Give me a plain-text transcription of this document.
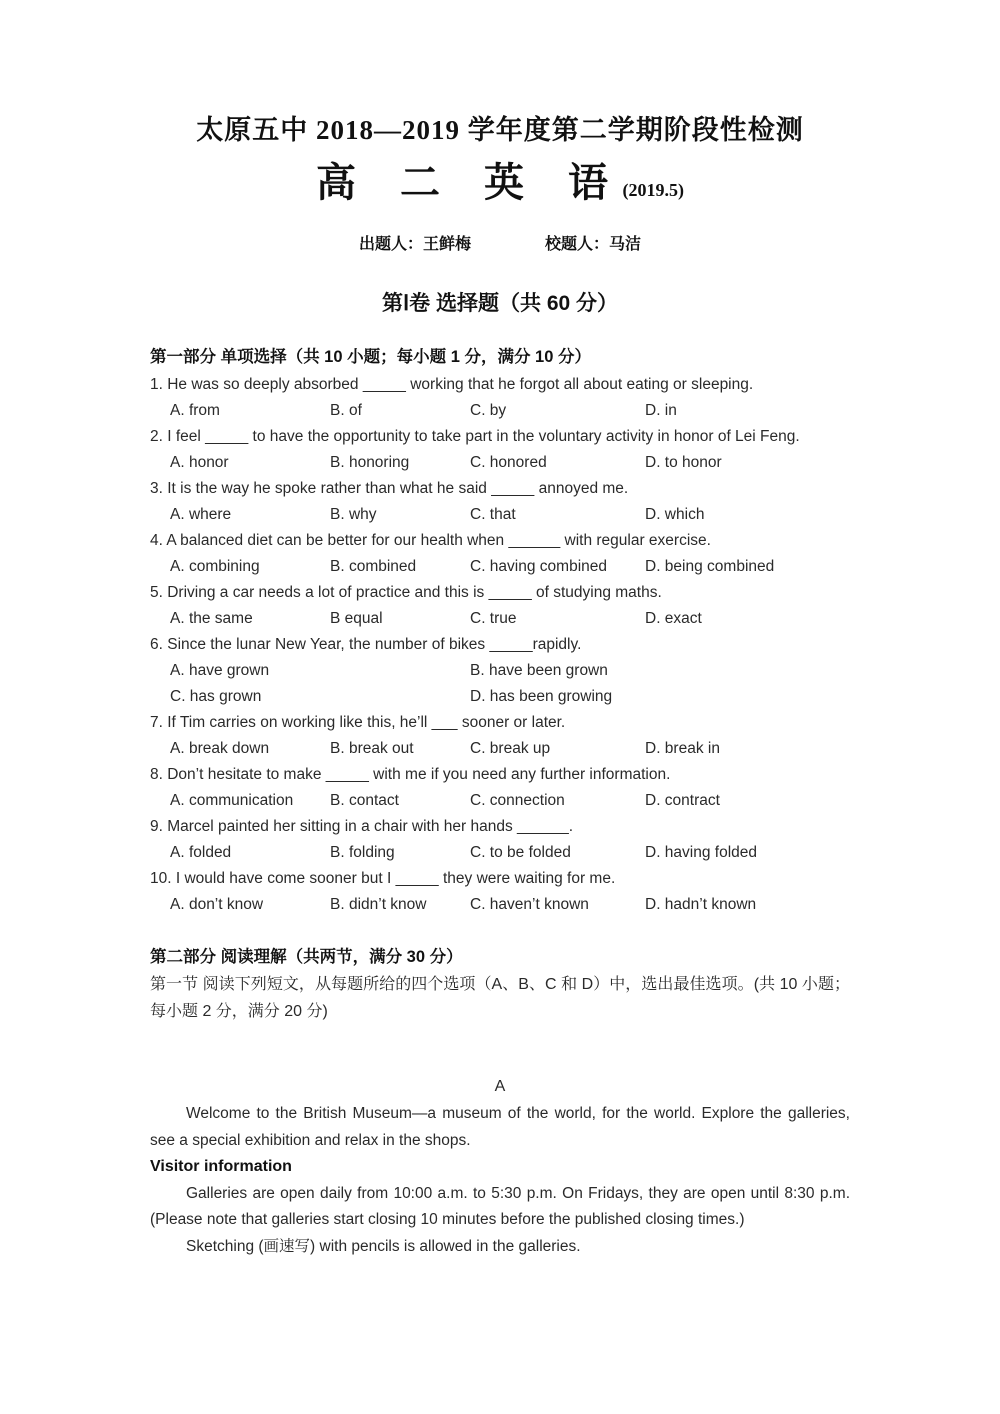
太原五中 2018—2019 学年度第二学期阶段性检测
高　二　英　语 (2019.5)
出题人：王鲜梅	校题人：马洁
第Ⅰ卷 选择题（共 60 分）
第一部分 单项选择（共 10 小题；每小题 1 分，满分 10 分）
1. He was so deeply absorbed _____ working that he forgot all about eating or sleeping.
A. from	B. of	C. by	D. in
2. I feel _____ to have the opportunity to take part in the voluntary activity in honor of Lei Feng.
A. honor	B. honoring	C. honored	D. to honor
3. It is the way he spoke rather than what he said _____ annoyed me.
A. where	B. why	C. that	D. which
4. A balanced diet can be better for our health when ______ with regular exercise.
A. combining	B. combined	C. having combined	D. being combined
5. Driving a car needs a lot of practice and this is _____ of studying maths.
A. the same	B equal	C. true	D. exact
6. Since the lunar New Year, the number of bikes _____rapidly.
A. have grown	B. have been grown
C. has grown	D. has been growing
7. If Tim carries on working like this, he’ll ___ sooner or later.
A. break down	B. break out	C. break up	D. break in
8. Don’t hesitate to make _____ with me if you need any further information.
A. communication	B. contact	C. connection	D. contract
9. Marcel painted her sitting in a chair with her hands ______.
A. folded	B. folding	C. to be folded	D. having folded
10. I would have come sooner but I _____ they were waiting for me.
A. don’t know	B. didn’t know	C. haven’t known	D. hadn’t known
第二部分 阅读理解（共两节，满分 30 分）
第一节 阅读下列短文，从每题所给的四个选项（A、B、C 和 D）中，选出最佳选项。(共 10 小题；每小题 2 分，满分 20 分)
A

Welcome to the British Museum—a museum of the world, for the world. Explore the galleries, see a special exhibition and relax in the shops.

Visitor information

Galleries are open daily from 10:00 a.m. to 5:30 p.m. On Fridays, they are open until 8:30 p.m. (Please note that galleries start closing 10 minutes before the published closing times.)

Sketching (画速写) with pencils is allowed in the galleries.
